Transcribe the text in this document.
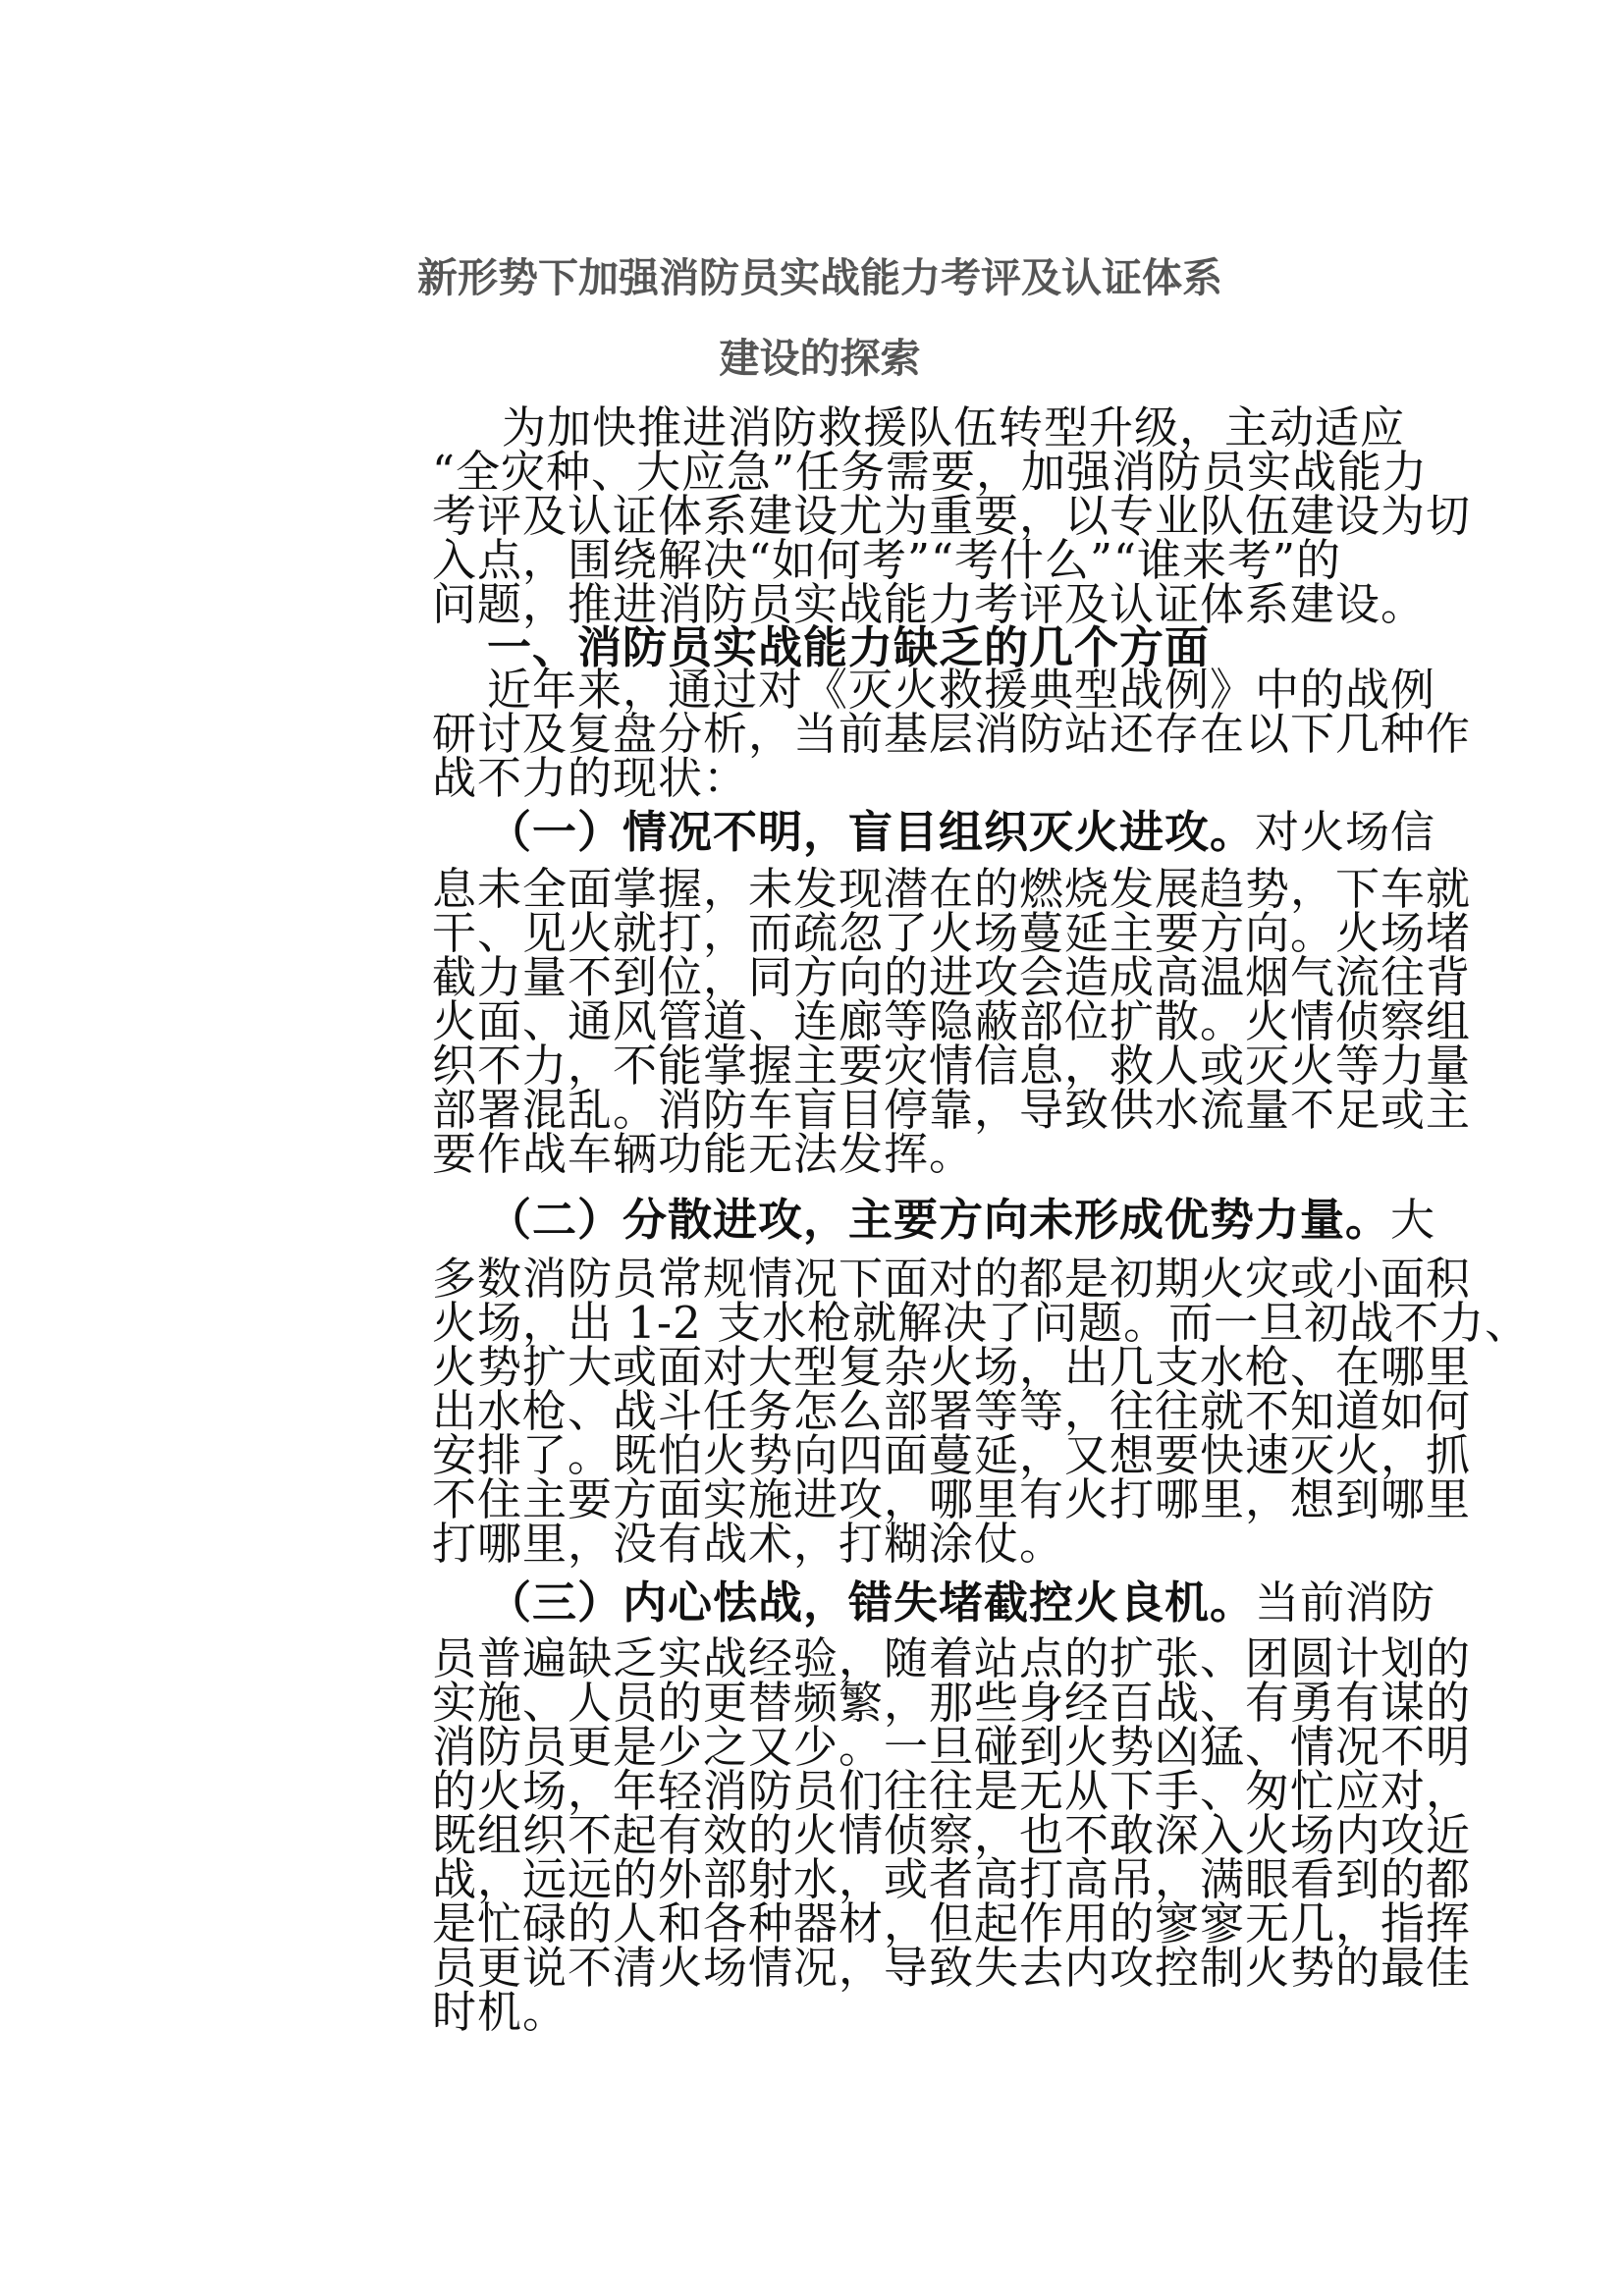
新形势下加强消防员实战能力考评及认证体系
建设的探索
为加快推进消防救援队伍转型升级，主动适应
“全灾种、大应急”任务需要，加强消防员实战能力
考评及认证体系建设尤为重要，以专业队伍建设为切
入点，围绕解决“如何考”“考什么”“谁来考”的
问题，推进消防员实战能力考评及认证体系建设。
一、消防员实战能力缺乏的几个方面
近年来，通过对《灭火救援典型战例》中的战例
研讨及复盘分析，当前基层消防站还存在以下几种作
战不力的现状：
（一）情况不明，盲目组织灭火进攻。对火场信
息未全面掌握，未发现潜在的燃烧发展趋势，下车就
干、见火就打，而疏忽了火场蔓延主要方向。火场堵
截力量不到位，同方向的进攻会造成高温烟气流往背
火面、通风管道、连廊等隐蔽部位扩散。火情侦察组
织不力，不能掌握主要灾情信息，救人或灭火等力量
部署混乱。消防车盲目停靠，导致供水流量不足或主
要作战车辆功能无法发挥。
（二）分散进攻，主要方向未形成优势力量。大
多数消防员常规情况下面对的都是初期火灾或小面积
火场，出 1-2 支水枪就解决了问题。而一旦初战不力、
火势扩大或面对大型复杂火场，出几支水枪、在哪里
出水枪、战斗任务怎么部署等等，往往就不知道如何
安排了。既怕火势向四面蔓延，又想要快速灭火，抓
不住主要方面实施进攻，哪里有火打哪里，想到哪里
打哪里，没有战术，打糊涂仗。
（三）内心怯战，错失堵截控火良机。当前消防
员普遍缺乏实战经验，随着站点的扩张、团圆计划的
实施、人员的更替频繁，那些身经百战、有勇有谋的
消防员更是少之又少。一旦碰到火势凶猛、情况不明
的火场，年轻消防员们往往是无从下手、匆忙应对，
既组织不起有效的火情侦察，也不敢深入火场内攻近
战，远远的外部射水，或者高打高吊，满眼看到的都
是忙碌的人和各种器材，但起作用的寥寥无几，指挥
员更说不清火场情况，导致失去内攻控制火势的最佳
时机。
